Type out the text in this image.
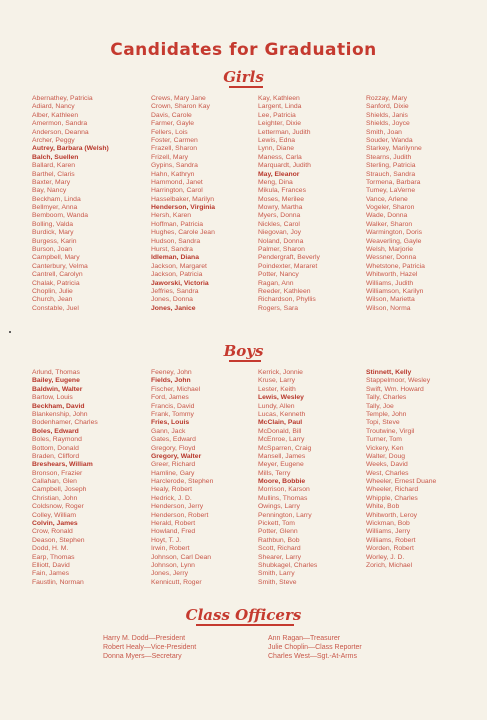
Candidates for Graduation
Girls
Abernathey, Patricia
Adiard, Nancy
Alber, Kathleen
Amermon, Sandra
Anderson, Deanna
Archer, Peggy
Autrey, Barbara (Welsh)
Balch, Suellen
Ballard, Karen
Barthel, Claris
Baxter, Mary
Bay, Nancy
Beckham, Linda
Bellmyer, Anna
Bemboom, Wanda
Bolling, Valda
Burdick, Mary
Burgess, Karin
Burson, Joan
Campbell, Mary
Canterbury, Velma
Cantrell, Carolyn
Chalak, Patricia
Choplin, Julie
Church, Jean
Constable, Juel
Crews, Mary Jane
Crown, Sharon Kay
Davis, Carole
Farmer, Gayle
Fellers, Lois
Foster, Carmen
Frazell, Sharon
Frizell, Mary
Gypins, Sandra
Hahn, Kathryn
Hammond, Janet
Harrington, Carol
Hasselbaker, Marilyn
Henderson, Virginia
Hersh, Karen
Hoffman, Patricia
Hughes, Carole Jean
Hudson, Sandra
Hurst, Sandra
Idleman, Diana
Jackson, Margaret
Jackson, Patricia
Jaworski, Victoria
Jeffries, Sandra
Jones, Donna
Jones, Janice
Kay, Kathleen
Largent, Linda
Lee, Patricia
Leighter, Dixie
Letterman, Judith
Lewis, Edna
Lynn, Diane
Maness, Carla
Marquardt, Judith
May, Eleanor
Meng, Dina
Mikula, Frances
Moses, Merilee
Mowry, Martha
Myers, Donna
Nickles, Carol
Niegovan, Joy
Noland, Donna
Palmer, Sharon
Pendergraft, Beverly
Poindexter, Mararet
Potter, Nancy
Ragan, Ann
Reeder, Kathleen
Richardson, Phyllis
Rogers, Sara
Rozzay, Mary
Sanford, Dixie
Shields, Janis
Shields, Joyce
Smith, Joan
Souder, Wanda
Starkey, Marilynne
Stearns, Judith
Sterling, Patricia
Strauch, Sandra
Tormena, Barbara
Tumey, LaVerne
Vance, Arlene
Vogeler, Sharon
Wade, Donna
Walker, Sharon
Warmington, Doris
Weaverling, Gayle
Welsh, Marjorie
Wessner, Donna
Whetstone, Patricia
Whitworth, Hazel
Williams, Judith
Williamson, Karilyn
Wilson, Marietta
Wilson, Norma
Boys
Arlund, Thomas
Bailey, Eugene
Baldwin, Walter
Bartow, Louis
Beckham, David
Blankenship, John
Bodenhamer, Charles
Boles, Edward
Boles, Raymond
Bottom, Donald
Braden, Clifford
Breshears, William
Bronson, Frazier
Callahan, Glen
Campbell, Joseph
Christian, John
Coldsnow, Roger
Colley, William
Colvin, James
Crow, Ronald
Deason, Stephen
Dodd, H. M.
Earp, Thomas
Elliott, David
Fain, James
Faustlin, Norman
Feeney, John
Fields, John
Fischer, Michael
Ford, James
Francis, David
Frank, Tommy
Fries, Louis
Gann, Jack
Gates, Edward
Gregory, Floyd
Gregory, Walter
Greer, Richard
Hamline, Gary
Harclerode, Stephen
Healy, Robert
Hedrick, J. D.
Henderson, Jerry
Henderson, Robert
Herald, Robert
Howland, Fred
Hoyt, T. J.
Irwin, Robert
Johnson, Carl Dean
Johnson, Lynn
Jones, Jerry
Kennicutt, Roger
Kerrick, Jonnie
Kruse, Larry
Lester, Keith
Lewis, Wesley
Lundy, Allen
Lucas, Kenneth
McClain, Paul
McDonald, Bill
McEnroe, Larry
McSparren, Craig
Mansell, James
Meyer, Eugene
Mills, Terry
Moore, Bobbie
Morrison, Karson
Mullins, Thomas
Owings, Larry
Pennington, Larry
Pickett, Tom
Potter, Glenn
Rathbun, Bob
Scott, Richard
Shearer, Larry
Shubkagel, Charles
Smith, Larry
Smith, Steve
Stinnett, Kelly
Stappelmoor, Wesley
Swift, Wm. Howard
Tally, Charles
Tally, Joe
Temple, John
Topi, Steve
Troutwine, Virgil
Turner, Tom
Vickery, Ken
Walter, Doug
Weeks, David
West, Charles
Wheeler, Ernest Duane
Wheeler, Richard
Whipple, Charles
White, Bob
Whitworth, Leroy
Wickman, Bob
Williams, Jerry
Williams, Robert
Worden, Robert
Worley, J. D.
Zorich, Michael
Class Officers
Harry M. Dodd—President
Robert Healy—Vice-President
Donna Myers—Secretary
Ann Ragan—Treasurer
Julie Choplin—Class Reporter
Charles West—Sgt.-At-Arms
